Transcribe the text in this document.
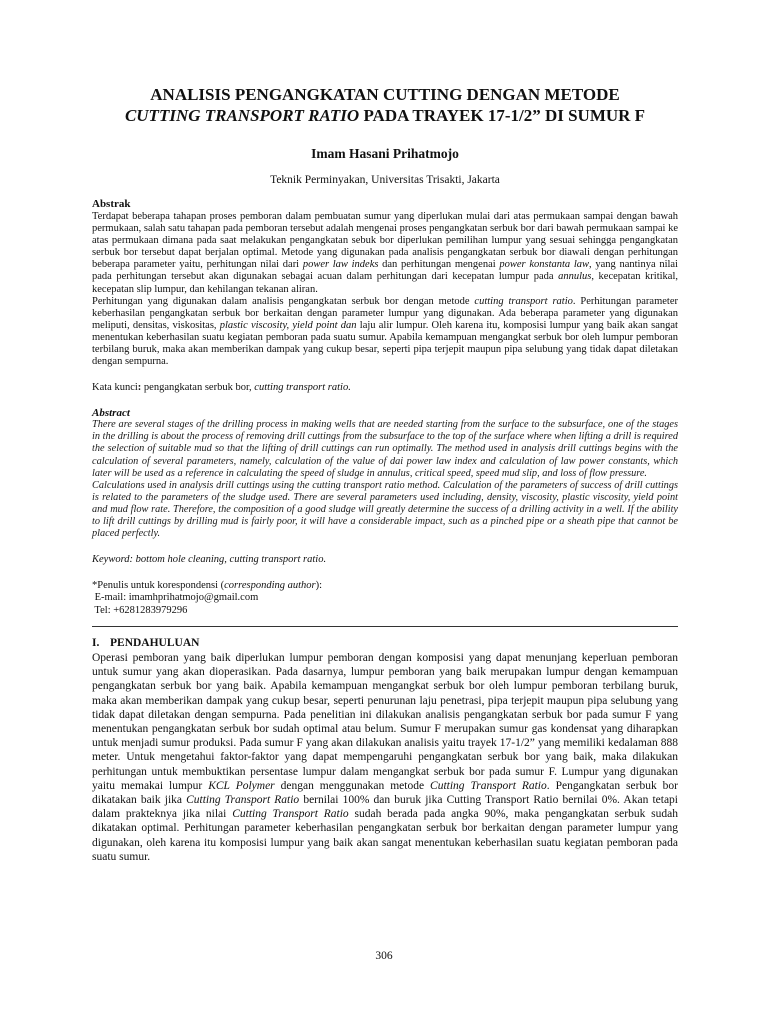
ANALISIS PENGANGKATAN CUTTING DENGAN METODE
CUTTING TRANSPORT RATIO PADA TRAYEK 17-1/2” DI SUMUR F
Imam Hasani Prihatmojo
Teknik Perminyakan, Universitas Trisakti, Jakarta
Abstrak

Terdapat beberapa tahapan proses pemboran dalam pembuatan sumur yang diperlukan mulai dari atas permukaan sampai dengan bawah permukaan, salah satu tahapan pada pemboran tersebut adalah mengenai proses pengangkatan serbuk bor dari bawah permukaan sampai ke atas permukaan dimana pada saat melakukan pengangkatan sebuk bor diperlukan pemilihan lumpur yang sesuai sehingga pengangkatan serbuk bor tersebut dapat berjalan optimal. Metode yang digunakan pada analisis pengangkatan serbuk bor diawali dengan perhitungan beberapa parameter yaitu, perhitungan nilai dari power law indeks dan perhitungan mengenai power konstanta law, yang nantinya nilai pada perhitungan tersebut akan digunakan sebagai acuan dalam perhitungan dari kecepatan lumpur pada annulus, kecepatan kritikal, kecepatan slip lumpur, dan kehilangan tekanan aliran.

Perhitungan yang digunakan dalam analisis pengangkatan serbuk bor dengan metode cutting transport ratio. Perhitungan parameter keberhasilan pengangkatan serbuk bor berkaitan dengan parameter lumpur yang digunakan. Ada beberapa parameter yang digunakan meliputi, densitas, viskositas, plastic viscosity, yield point dan laju alir lumpur. Oleh karena itu, komposisi lumpur yang baik akan sangat menentukan keberhasilan suatu kegiatan pemboran pada suatu sumur. Apabila kemampuan mengangkat serbuk bor oleh lumpur pemboran terbilang buruk, maka akan memberikan dampak yang cukup besar, seperti pipa terjepit maupun pipa selubung yang tidak dapat diletakan dengan sempurna.

Kata kunci: pengangkatan serbuk bor, cutting transport ratio.
Abstract

There are several stages of the drilling process in making wells that are needed starting from the surface to the subsurface, one of the stages in the drilling is about the process of removing drill cuttings from the subsurface to the top of the surface where when lifting a drill is required the selection of suitable mud so that the lifting of drill cuttings can run optimally. The method used in analysis drill cuttings begins with the calculation of several parameters, namely, calculation of the value of dai power law index and calculation of law power constants, which later will be used as a reference in calculating the speed of sludge in annulus, critical speed, speed mud slip, and loss of flow pressure.

Calculations used in analysis drill cuttings using the cutting transport ratio method. Calculation of the parameters of success of drill cuttings is related to the parameters of the sludge used. There are several parameters used including, density, viscosity, plastic viscosity, yield point and mud flow rate. Therefore, the composition of a good sludge will greatly determine the success of a drilling activity in a well. If the ability to lift drill cuttings by drilling mud is fairly poor, it will have a considerable impact, such as a pinched pipe or a sheath pipe that cannot be placed perfectly.

Keyword: bottom hole cleaning, cutting transport ratio.
*Penulis untuk korespondensi (corresponding author):
E-mail: imamhprihatmojo@gmail.com
Tel: +6281283979296
I. PENDAHULUAN

Operasi pemboran yang baik diperlukan lumpur pemboran dengan komposisi yang dapat menunjang keperluan pemboran untuk sumur yang akan dioperasikan. Pada dasarnya, lumpur pemboran yang baik merupakan lumpur dengan kemampuan pengangkatan serbuk bor yang baik. Apabila kemampuan mengangkat serbuk bor oleh lumpur pemboran terbilang buruk, maka akan memberikan dampak yang cukup besar, seperti penurunan laju penetrasi, pipa terjepit maupun pipa selubung yang tidak dapat diletakan dengan sempurna. Pada penelitian ini dilakukan analisis pengangkatan serbuk bor pada sumur F yang menentukan pengangkatan serbuk bor sudah optimal atau belum. Sumur F merupakan sumur gas kondensat yang diharapkan untuk menjadi sumur produksi. Pada sumur F yang akan dilakukan analisis yaitu trayek 17-1/2” yang memiliki kedalaman 888 meter. Untuk mengetahui faktor-faktor yang dapat mempengaruhi pengangkatan serbuk bor yang baik, maka dilakukan perhitungan untuk membuktikan persentase lumpur dalam mengangkat serbuk bor pada sumur F. Lumpur yang digunakan yaitu memakai lumpur KCL Polymer dengan menggunakan metode Cutting Transport Ratio. Pengangkatan serbuk bor dikatakan baik jika Cutting Transport Ratio bernilai 100% dan buruk jika Cutting Transport Ratio bernilai 0%. Akan tetapi dalam prakteknya jika nilai Cutting Transport Ratio sudah berada pada angka 90%, maka pengangkatan serbuk sudah dikatakan optimal. Perhitungan parameter keberhasilan pengangkatan serbuk bor berkaitan dengan parameter lumpur yang digunakan, oleh karena itu komposisi lumpur yang baik akan sangat menentukan keberhasilan suatu kegiatan pemboran pada suatu sumur.

306
